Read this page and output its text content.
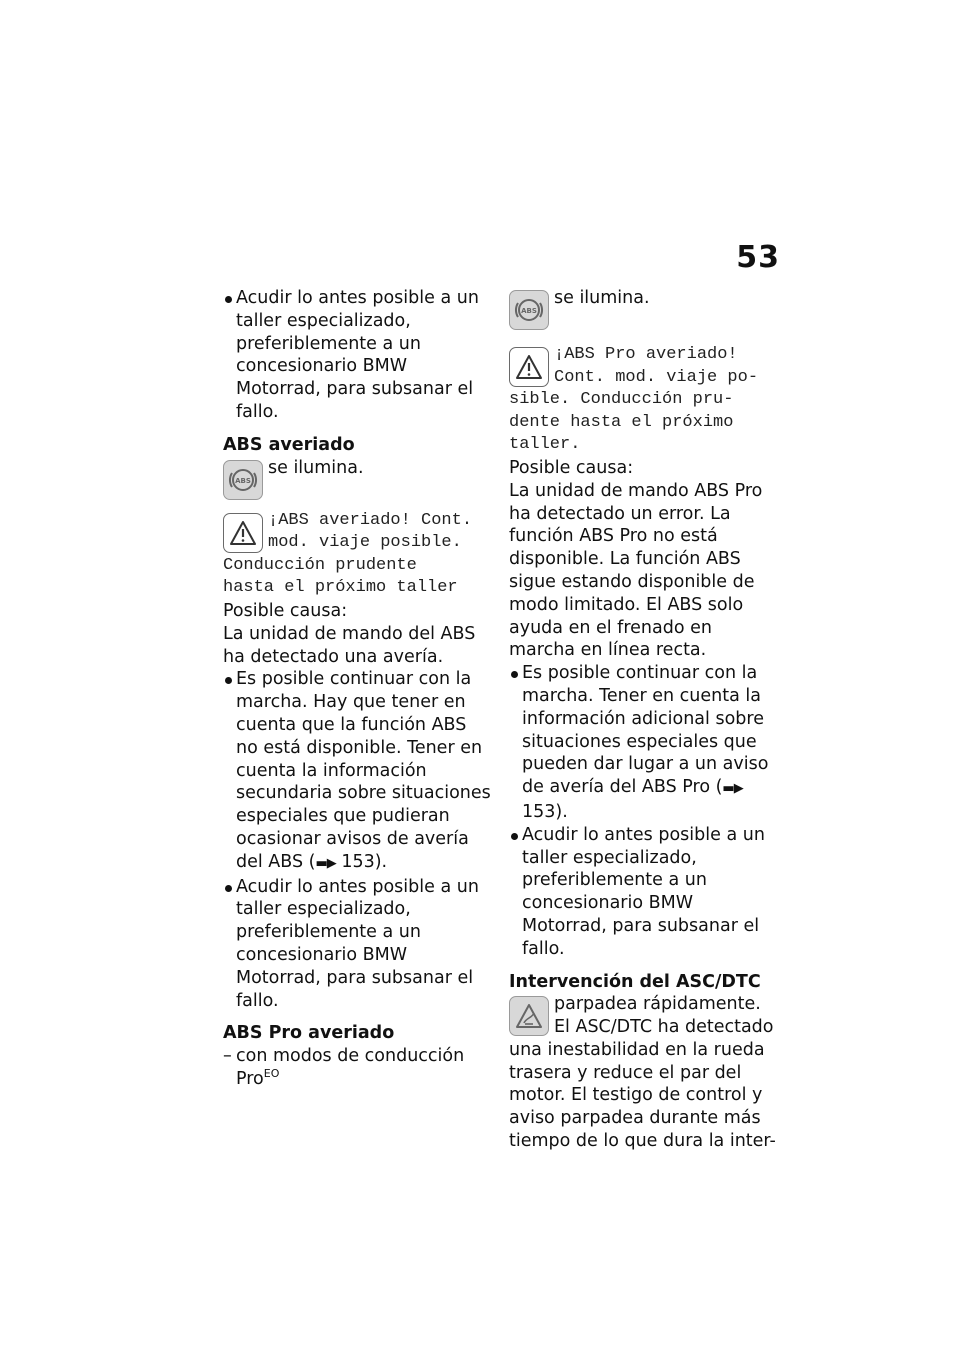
53

Acudir lo antes posible a un taller especializado, preferiblemente a un concesionario BMW Motorrad, para subsanar el fallo.

ABS averiado

ABS
se ilumina.
¡ABS averiado! Cont.
mod. viaje posible.
Conducción prudente
hasta el próximo taller

Posible causa:

La unidad de mando del ABS ha detectado una avería.

Es posible continuar con la marcha. Hay que tener en cuenta que la función ABS no está disponible. Tener en cuenta la información secundaria sobre situaciones especiales que pudieran ocasionar avisos de avería del ABS (▬▶ 153).

Acudir lo antes posible a un taller especializado, preferiblemente a un concesionario BMW Motorrad, para subsanar el fallo.

ABS Pro averiado

– con modos de conducción Pro$^{EO}$

ABS
se ilumina.
¡ABS Pro averiado!
Cont. mod. viaje po-
sible. Conducción pru-
dente hasta el próximo
taller.

Posible causa:

La unidad de mando ABS Pro ha detectado un error. La función ABS Pro no está disponible. La función ABS sigue estando disponible de modo limitado. El ABS solo ayuda en el frenado en marcha en línea recta.

Es posible continuar con la marcha. Tener en cuenta la información adicional sobre situaciones especiales que pueden dar lugar a un aviso de avería del ABS Pro (▬▶ 153).

Acudir lo antes posible a un taller especializado, preferiblemente a un concesionario BMW Motorrad, para subsanar el fallo.

Intervención del ASC/DTC

parpadea rápidamente. El ASC/DTC ha detectado una inestabilidad en la rueda trasera y reduce el par del motor. El testigo de control y aviso parpadea durante más tiempo de lo que dura la inter-
